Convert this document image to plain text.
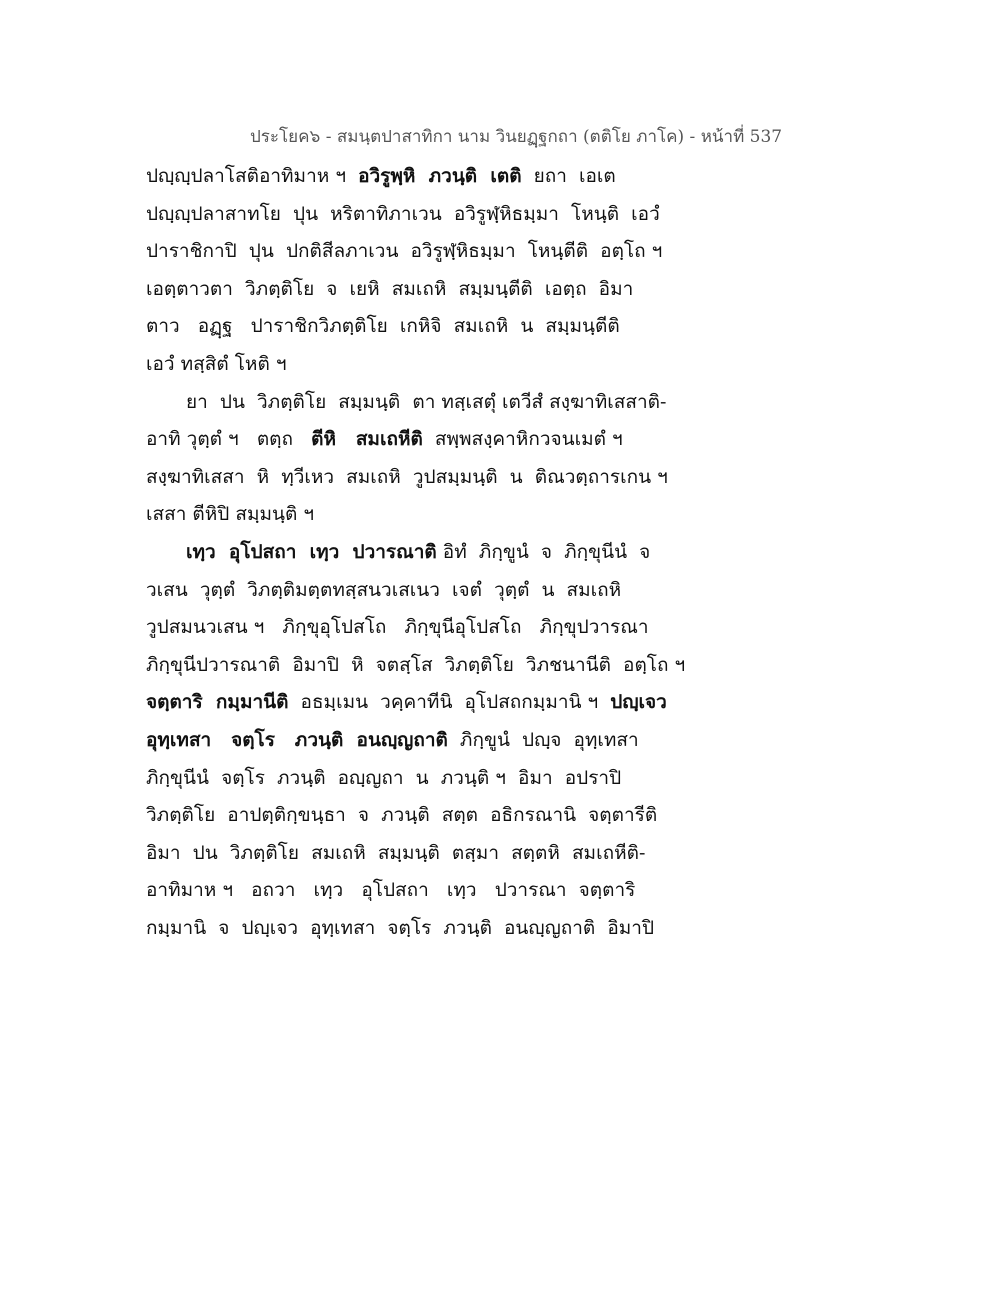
ประโยค๖ - สมนฺตปาสาทิกา นาม วินยฏฺฐกถา (ตติโย ภาโค) - หน้าที่ 537
ปญฺญฺปลาโสติอาทิมาห ฯ  อวิรูพฺหิ  ภวนฺติ  เตติ  ยถา  เอเต
ปญฺญฺปลาสาทโย  ปุน  หริตาทิภาเวน  อวิรูฬฺหิธมฺมา  โหนฺติ  เอวํ
ปาราชิกาปิ  ปุน  ปกติสีลภาเวน  อวิรูฬฺหิธมฺมา  โหนฺตีติ  อตฺโถ ฯ
เอตฺตาวตา  วิภตฺติโย  จ  เยหิ  สมเถหิ  สมฺมนฺตีติ  เอตฺถ  อิมา
ตาว   อฏฺฐ   ปาราชิกวิภตฺติโย  เกหิจิ  สมเถหิ  น  สมฺมนฺตีติ
เอวํ ทสฺสิตํ โหติ ฯ
ยา  ปน  วิภตฺติโย  สมฺมนฺติ  ตา ทสฺเสตุํ เตวีสํ สงฺฆาทิเสสาติ-
อาทิ วุตฺตํ ฯ   ตตฺถ   ตีหิ   สมเถหีติ  สพฺพสงฺคาหิกวจนเมตํ ฯ
สงฺฆาทิเสสา  หิ  ทฺวีเหว  สมเถหิ  วูปสมฺมนฺติ  น  ติณวตฺถารเกน ฯ
เสสา ตีหิปิ สมฺมนฺติ ฯ
เทฺว  อุโปสถา  เทฺว  ปวารณาติ อิทํ  ภิกฺขูนํ  จ  ภิกฺขุนีนํ  จ
วเสน  วุตฺตํ  วิภตฺติมตฺตทสฺสนวเสเนว  เจตํ  วุตฺตํ  น  สมเถหิ
วูปสมนวเสน ฯ   ภิกฺขุอุโปสโถ   ภิกฺขุนีอุโปสโถ   ภิกฺขุปวารณา
ภิกฺขุนีปวารณาติ  อิมาปิ  หิ  จตสฺโส  วิภตฺติโย  วิภชนานีติ  อตฺโถ ฯ
จตฺตาริ  กมฺมานีติ  อธมฺเมน  วคฺคาทีนิ  อุโปสถกมฺมานิ ฯ  ปญฺเจว
อุทฺเทสา   จตฺโร   ภวนฺติ  อนญฺญถาติ  ภิกฺขูนํ  ปญฺจ  อุทฺเทสา
ภิกฺขุนีนํ  จตฺโร  ภวนฺติ  อญฺญถา  น  ภวนฺติ ฯ  อิมา  อปราปิ
วิภตฺติโย  อาปตฺติกฺขนฺธา  จ  ภวนฺติ  สตฺต  อธิกรณานิ  จตฺตารีติ
อิมา  ปน  วิภตฺติโย  สมเถหิ  สมฺมนฺติ  ตสฺมา  สตฺตหิ  สมเถหีติ-
อาทิมาห ฯ   อถวา   เทฺว   อุโปสถา   เทฺว   ปวารณา  จตฺตาริ
กมฺมานิ  จ  ปญฺเจว  อุทฺเทสา  จตฺโร  ภวนฺติ  อนญฺญถาติ  อิมาปิ
